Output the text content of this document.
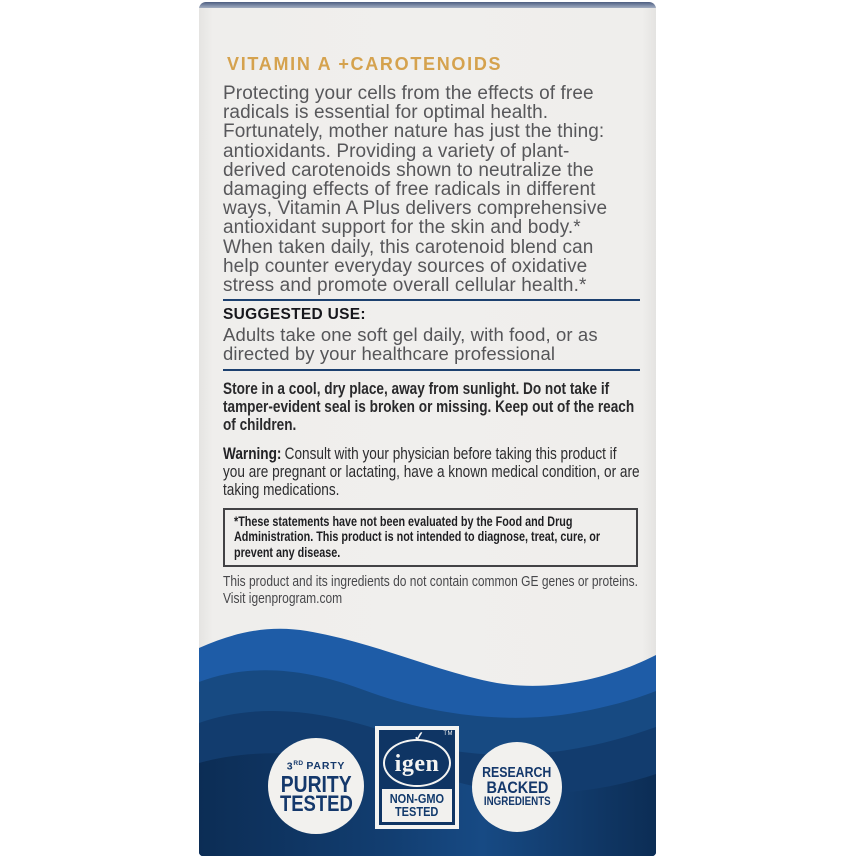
VITAMIN A +CAROTENOIDS
Protecting your cells from the effects of free radicals is essential for optimal health. Fortunately, mother nature has just the thing: antioxidants. Providing a variety of plant-derived carotenoids shown to neutralize the damaging effects of free radicals in different ways, Vitamin A Plus delivers comprehensive antioxidant support for the skin and body.* When taken daily, this carotenoid blend can help counter everyday sources of oxidative stress and promote overall cellular health.*
SUGGESTED USE:
Adults take one soft gel daily, with food, or as directed by your healthcare professional
Store in a cool, dry place, away from sunlight. Do not take if tamper-evident seal is broken or missing. Keep out of the reach of children.
Warning: Consult with your physician before taking this product if you are pregnant or lactating, have a known medical condition, or are taking medications.
*These statements have not been evaluated by the Food and Drug Administration. This product is not intended to diagnose, treat, cure, or prevent any disease.
This product and its ingredients do not contain common GE genes or proteins. Visit igenprogram.com
3RD PARTY
PURITY
TESTED
TM
✓
igen
NON-GMO
TESTED
RESEARCH
BACKED
INGREDIENTS
